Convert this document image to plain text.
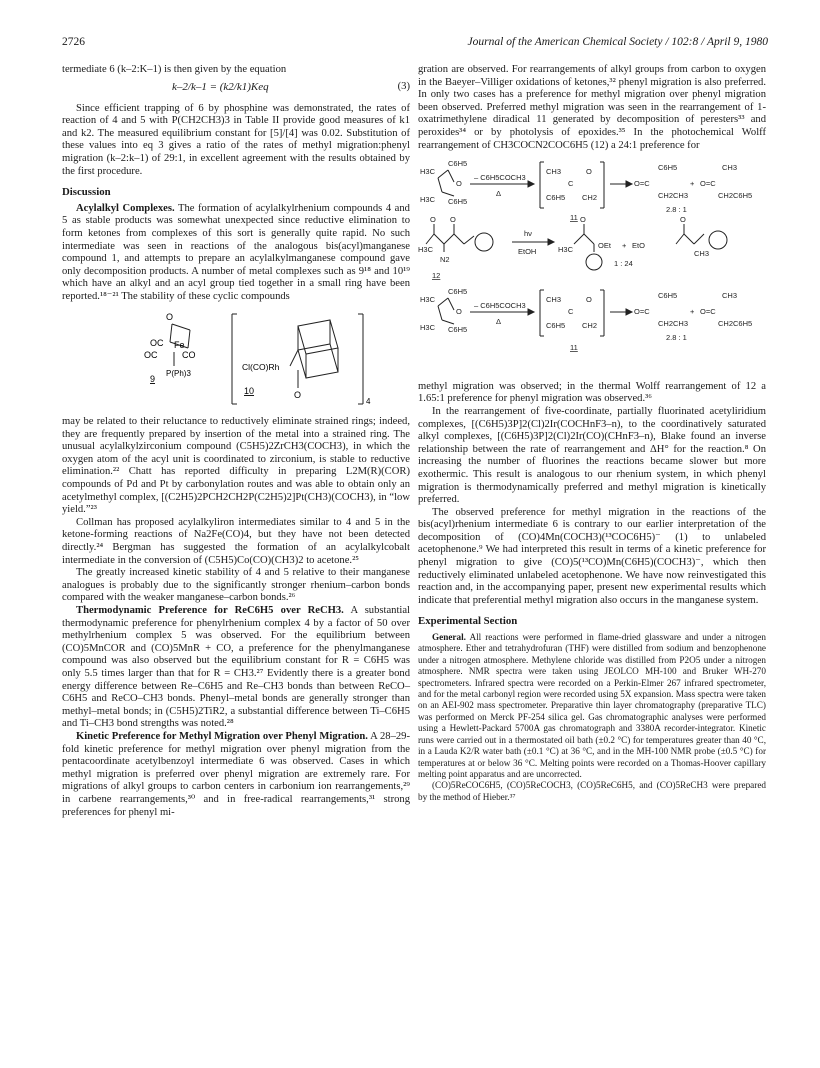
2726	Journal of the American Chemical Society / 102:8 / April 9, 1980

termediate 6 (k–2:K–1) is then given by the equation

k–2/k–1 = (k2/k1)Keq	(3)

Since efficient trapping of 6 by phosphine was demonstrated, the rates of reaction of 4 and 5 with P(CH2CH3)3 in Table II provide good measures of k1 and k2. The measured equilibrium constant for [5]/[4] was 0.02. Substitution of these values into eq 3 gives a ratio of the rates of methyl migration:phenyl migration (k–2:k–1) of 29:1, in excellent agreement with the results obtained by the first procedure.

Discussion

Acylalkyl Complexes. The formation of acylalkylrhenium compounds 4 and 5 as stable products was somewhat unexpected since reductive elimination to form ketones from complexes of this sort is generally quite rapid. No such intermediate was seen in reactions of the analogous bis(acyl)manganese compound 1, and attempts to prepare an acylalkylmanganese compound gave only decomposition products. A number of metal complexes such as 9¹⁸ and 10¹⁹ which have an alkyl and an acyl group tied together in a small ring have been reported.¹⁸⁻²¹ The stability of these cyclic compounds

O
OC Fe
OC	CO
P(Ph)3
9
Cl(CO)Rh
O
10
4

may be related to their reluctance to reductively eliminate strained rings; indeed, they are frequently prepared by insertion of the metal into a strained ring. The unusual acylalkylzirconium compound (C5H5)2ZrCH3(COCH3), in which the oxygen atom of the acyl unit is coordinated to zirconium, is stable to reductive elimination.²² Chatt has reported difficulty in preparing L2M(R)(COR) compounds of Pd and Pt by carbonylation routes and was able to obtain only an acetylmethyl complex, [(C2H5)2PCH2CH2P(C2H5)2]Pt(CH3)(COCH3), in “low yield.”²³

Collman has proposed acylalkyliron intermediates similar to 4 and 5 in the ketone-forming reactions of Na2Fe(CO)4, but they have not been detected directly.²⁴ Bergman has suggested the formation of an acylalkylcobalt intermediate in the conversion of (C5H5)Co(CO)(CH3)2 to acetone.²⁵

The greatly increased kinetic stability of 4 and 5 relative to their manganese analogues is probably due to the significantly stronger rhenium–carbon bonds compared with the weaker manganese–carbon bonds.²⁶

Thermodynamic Preference for ReC6H5 over ReCH3. A substantial thermodynamic preference for phenylrhenium complex 4 by a factor of 50 over methylrhenium complex 5 was observed. For the equilibrium between (CO)5MnCOR and (CO)5MnR + CO, a preference for the phenylmanganese compound was also observed but the equilibrium constant for R = C6H5 was only 5.5 times larger than that for R = CH3.²⁷ Evidently there is a greater bond energy difference between Re–C6H5 and Re–CH3 bonds than between ReCO–C6H5 and ReCO–CH3 bonds. Phenyl–metal bonds are generally stronger than methyl–metal bonds; in (C5H5)2TiR2, a substantial difference between Ti–C6H5 and Ti–CH3 bond strengths was noted.²⁸

Kinetic Preference for Methyl Migration over Phenyl Migration. A 28–29-fold kinetic preference for methyl migration over phenyl migration from the pentacoordinate acetylbenzoyl intermediate 6 was observed. Cases in which methyl migration is preferred over phenyl migration are extremely rare. For migrations of alkyl groups to carbon centers in carbonium ion rearrangements,²⁹ in carbene rearrangements,³⁰ and in free-radical rearrangements,³¹ strong preferences for phenyl mi-

gration are observed. For rearrangements of alkyl groups from carbon to oxygen in the Baeyer–Villiger oxidations of ketones,³² phenyl migration is also preferred. In only two cases has a preference for methyl migration over phenyl migration been observed. Preferred methyl migration was seen in the rearrangement of 1-oxatrimethylene diradical 11 generated by decomposition of peresters³³ and peroxides³⁴ or by photolysis of epoxides.³⁵ In the photochemical Wolff rearrangement of CH3COCN2COC6H5 (12) a 24:1 preference for

H3C
C6H5
O
H3C C6H5
– C6H5COCH3
Δ
CH3	O
C
C6H5 CH2
O=C
C6H5
CH2CH3
+ O=C
CH3
CH2C6H5
2.8 : 1
11
O O
H3C
N2
hν
EtOH	H3C
O
OEt + EtO
O
CH3
1 : 24
12
H3C
C6H5
O
H3C C6H5
– C6H5COCH3
Δ
CH3	O
C
C6H5 CH2
O=C
C6H5
CH2CH3
+ O=C
CH3
CH2C6H5
2.8 : 1
11

methyl migration was observed; in the thermal Wolff rearrangement of 12 a 1.65:1 preference for phenyl migration was observed.³⁶

In the rearrangement of five-coordinate, partially fluorinated acetyliridium complexes, [(C6H5)3P]2(Cl)2Ir(COCHnF3–n), to the coordinatively saturated alkyl complexes, [(C6H5)3P]2(Cl)2Ir(CO)(CHnF3–n), Blake found an inverse relationship between the rate of rearrangement and ΔH° for the reaction.⁸ On increasing the number of fluorines the reactions became slower but more exothermic. This result is analogous to our rhenium system, in which phenyl migration is thermodynamically preferred and methyl migration is kinetically preferred.

The observed preference for methyl migration in the reactions of the bis(acyl)rhenium intermediate 6 is contrary to our earlier interpretation of the decomposition of (CO)4Mn(COCH3)(¹³COC6H5)⁻ (1) to unlabeled acetophenone.⁹ We had interpreted this result in terms of a kinetic preference for phenyl migration to give (CO)5(¹³CO)Mn(C6H5)(COCH3)⁻, which then reductively eliminated unlabeled acetophenone. We have now reinvestigated this reaction and, in the accompanying paper, present new experimental results which indicate that preferential methyl migration also occurs in the manganese system.

Experimental Section

General. All reactions were performed in flame-dried glassware and under a nitrogen atmosphere. Ether and tetrahydrofuran (THF) were distilled from sodium and benzophenone under a nitrogen atmosphere. Methylene chloride was distilled from P2O5 under a nitrogen atmosphere. NMR spectra were taken using JEOLCO MH-100 and Bruker WH-270 spectrometers. Infrared spectra were recorded on a Perkin-Elmer 267 infrared spectrometer, and for the metal carbonyl region were recorded using 5X expansion. Mass spectra were taken on an AEI-902 mass spectrometer. Preparative thin layer chromatography (preparative TLC) was performed on Merck PF-254 silica gel. Gas chromatographic analyses were performed using a Hewlett-Packard 5700A gas chromatograph and 3380A recorder-integrator. Kinetic runs were carried out in a thermostated oil bath (±0.2 °C) for temperatures greater than 40 °C, in a Lauda K2/R water bath (±0.1 °C) at 36 °C, and in the MH-100 NMR probe (±0.5 °C) for temperatures at or below 36 °C. Melting points were recorded on a Thomas-Hoover capillary melting point apparatus and are uncorrected.

(CO)5ReCOC6H5, (CO)5ReCOCH3, (CO)5ReC6H5, and (CO)5ReCH3 were prepared by the method of Hieber.³⁷
